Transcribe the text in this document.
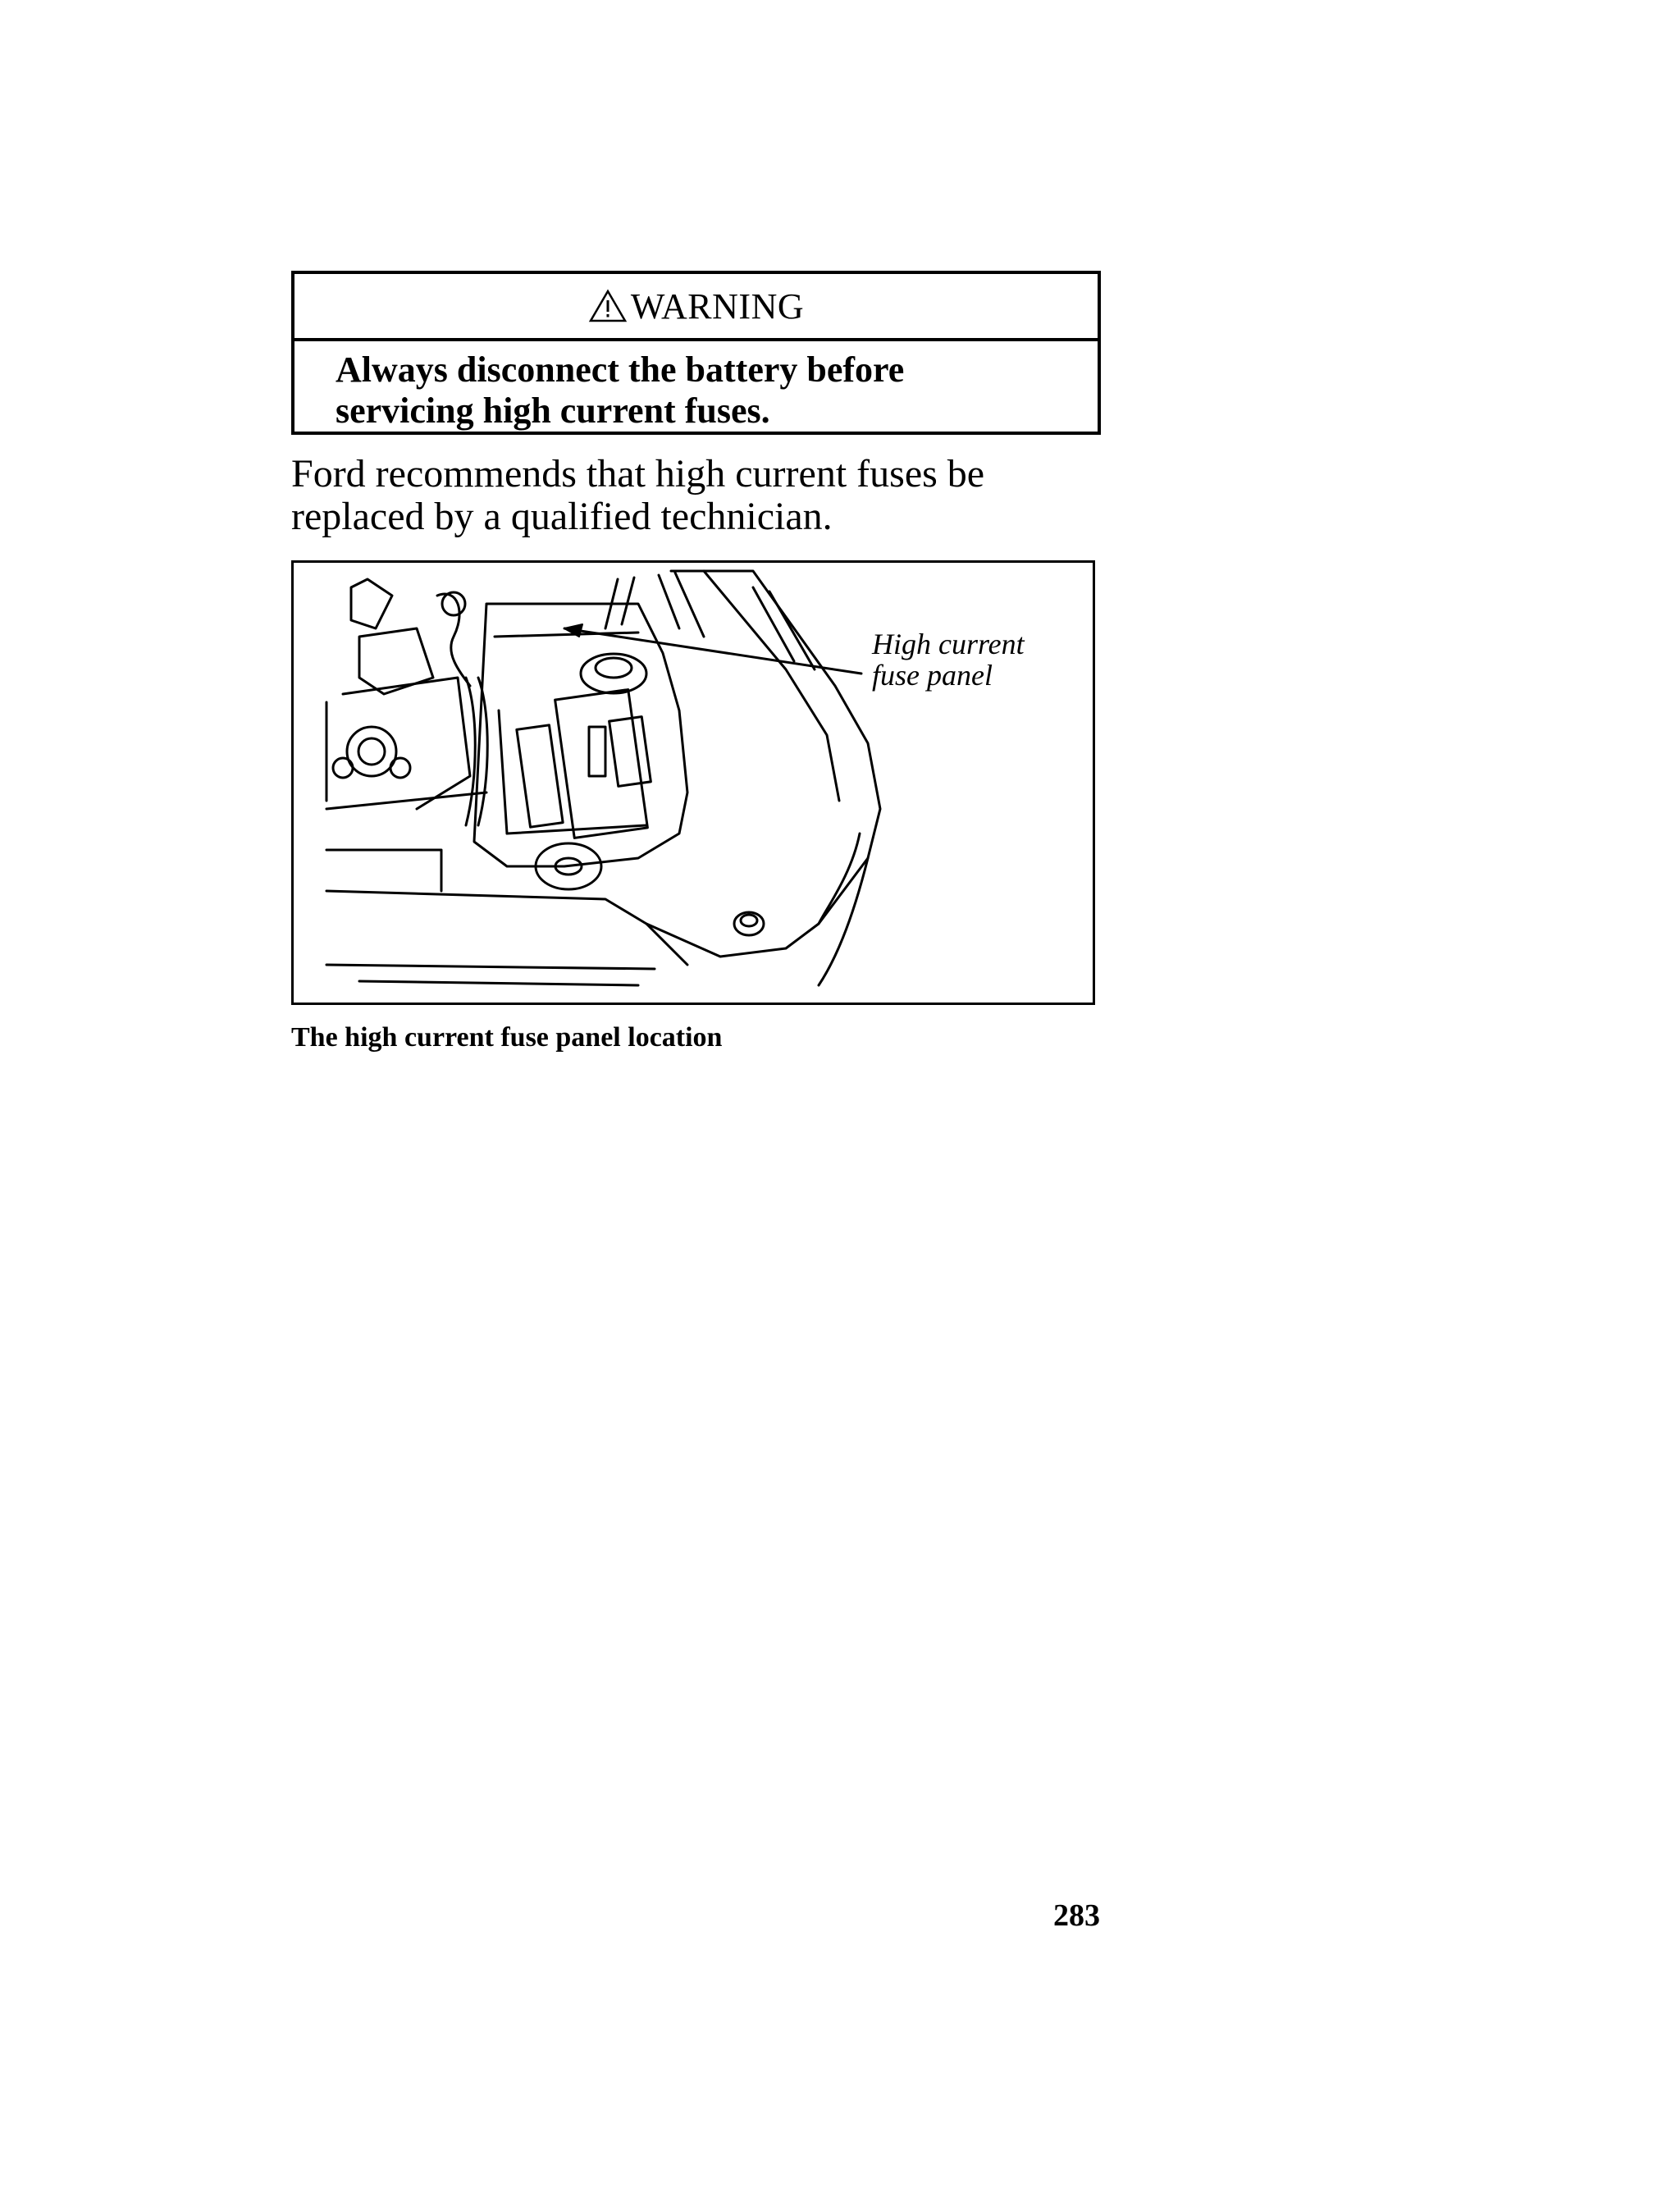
WARNING
Always disconnect the battery before
servicing high current fuses.
Ford recommends that high current fuses be
replaced by a qualified technician.
High current
fuse panel
The high current fuse panel location
283
